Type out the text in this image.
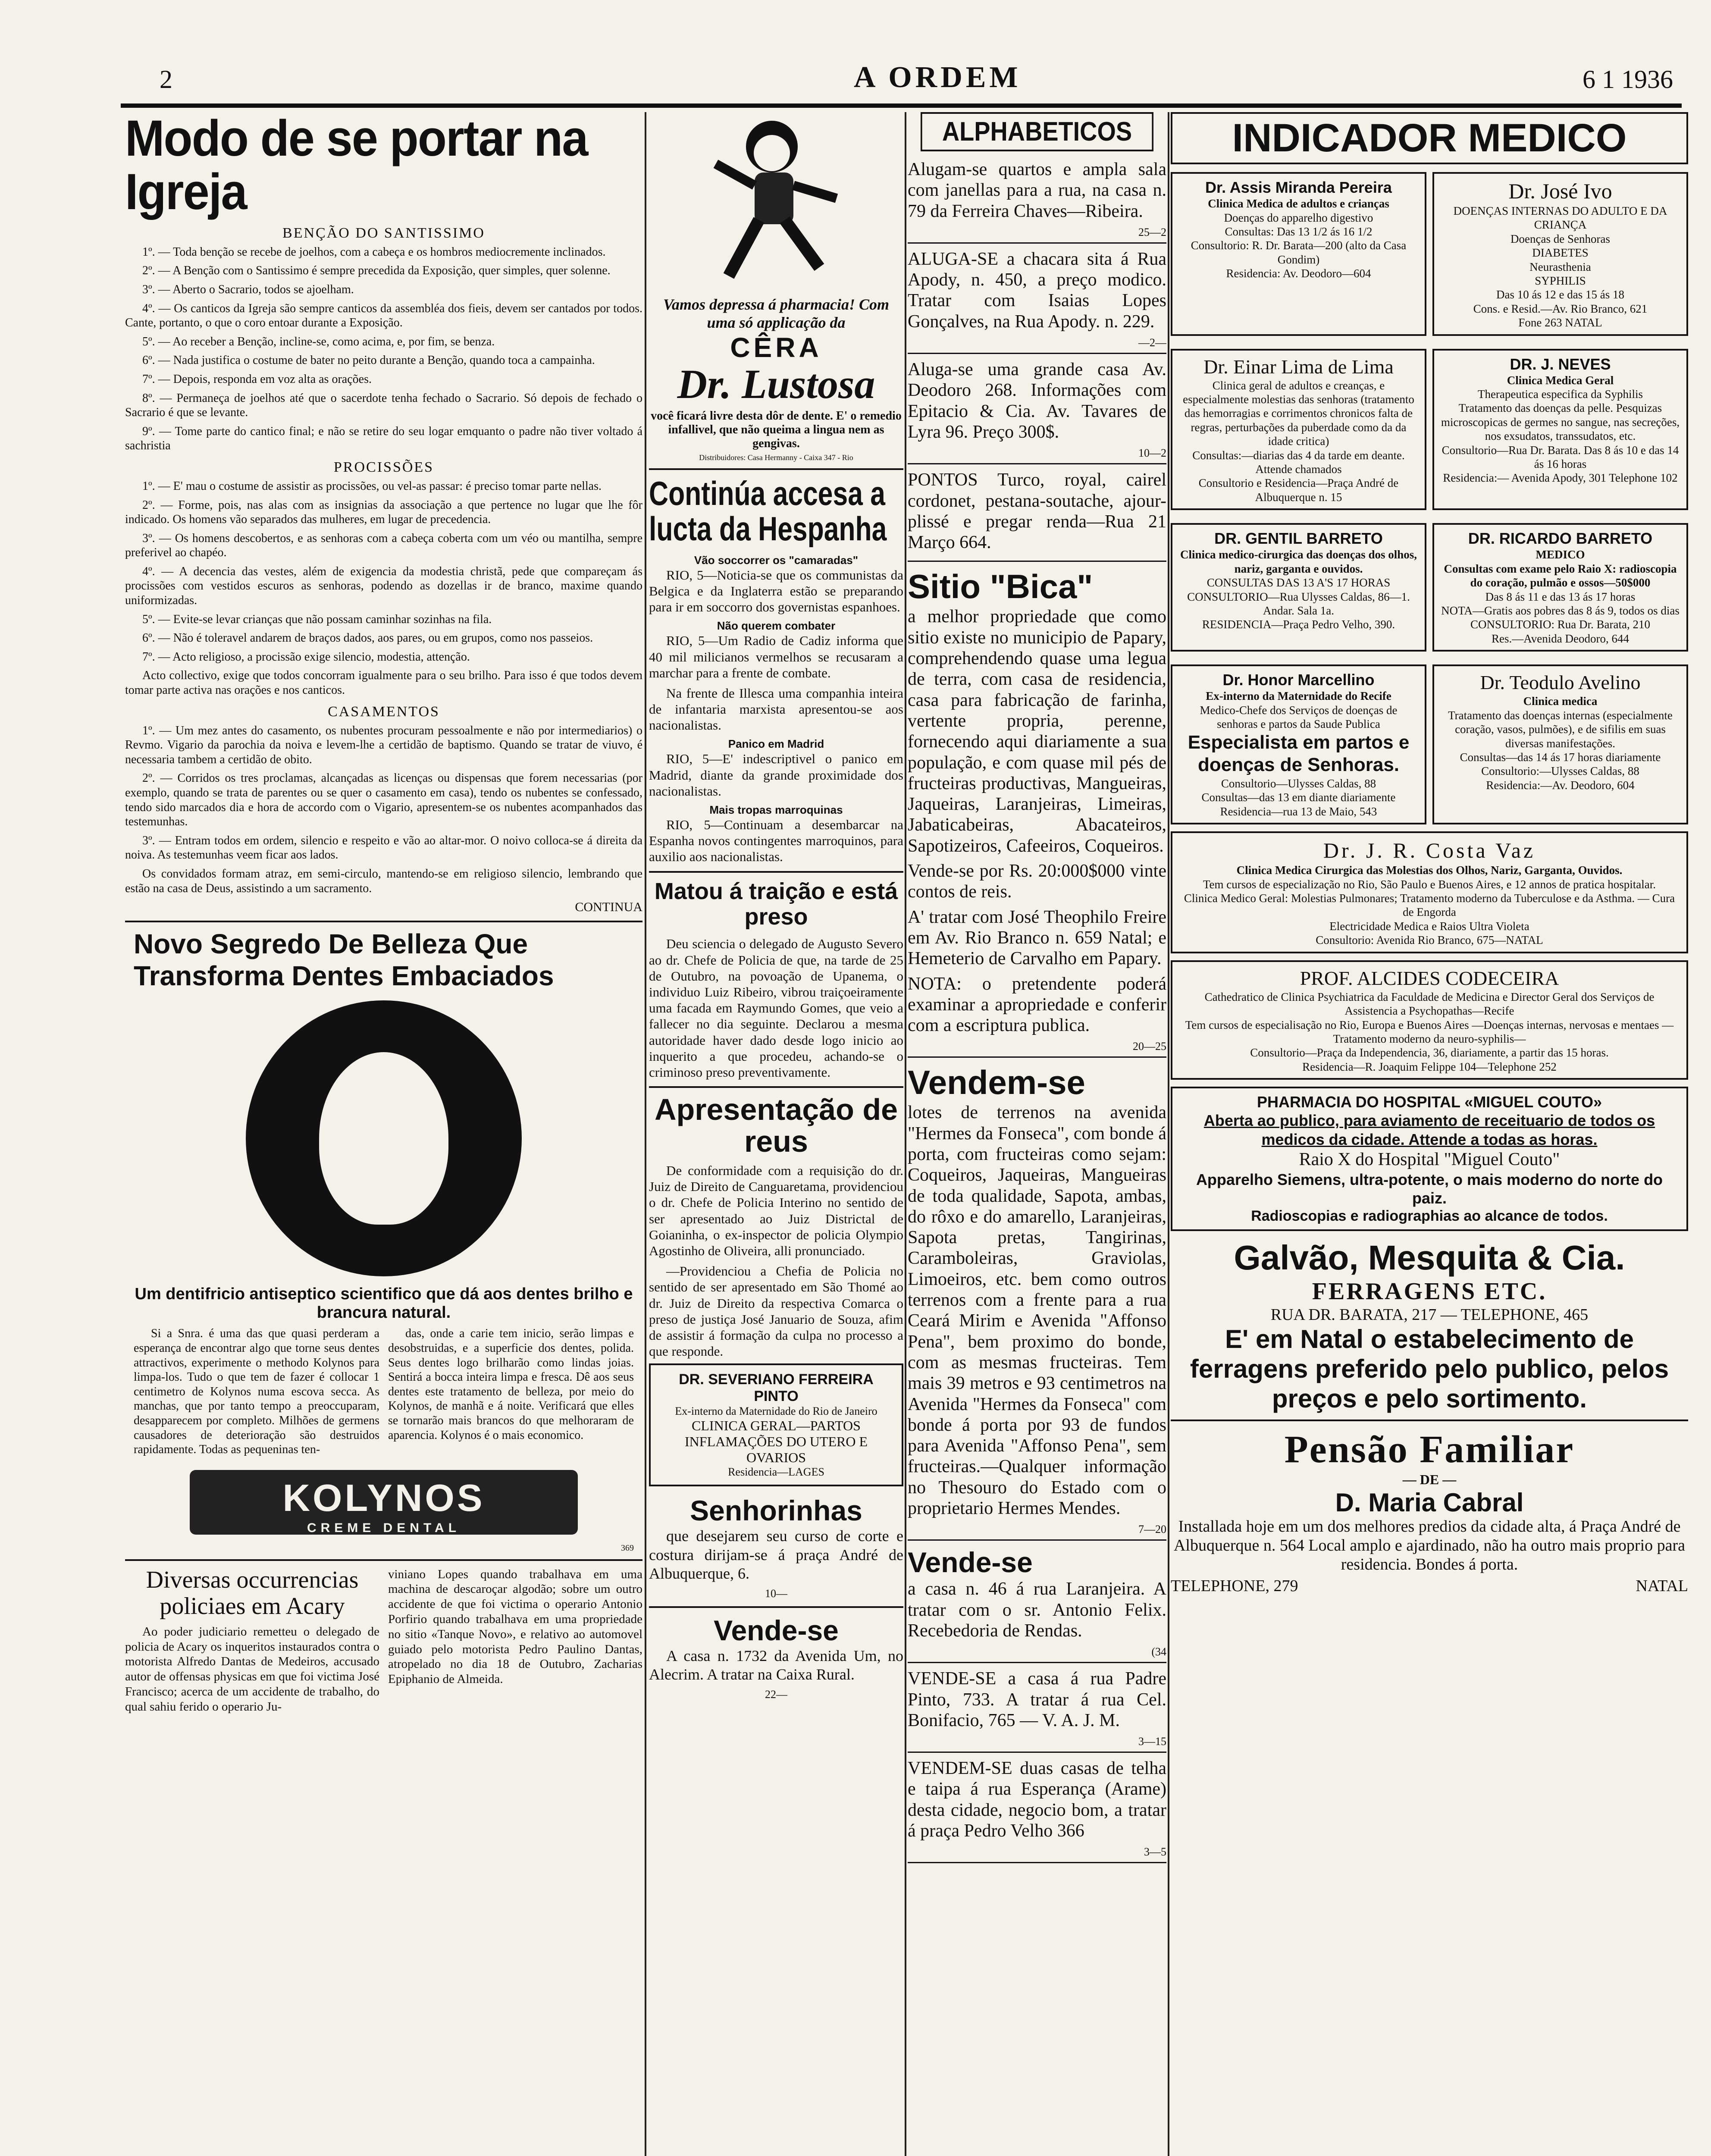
2	A ORDEM	6 1 1936
Modo de se portar na Igreja
BENÇÃO DO SANTISSIMO

1º. — Toda benção se recebe de joelhos, com a cabeça e os hombros mediocremente inclinados.

2º. — A Benção com o Santissimo é sempre precedida da Exposição, quer simples, quer solenne.

3º. — Aberto o Sacrario, todos se ajoelham.

4º. — Os canticos da Igreja são sempre canticos da assembléa dos fieis, devem ser cantados por todos. Cante, portanto, o que o coro entoar durante a Exposição.

5º. — Ao receber a Benção, incline-se, como acima, e, por fim, se benza.

6º. — Nada justifica o costume de bater no peito durante a Benção, quando toca a campainha.

7º. — Depois, responda em voz alta as orações.

8º. — Permaneça de joelhos até que o sacerdote tenha fechado o Sacrario. Só depois de fechado o Sacrario é que se levante.

9º. — Tome parte do cantico final; e não se retire do seu logar emquanto o padre não tiver voltado á sachristia

PROCISSÕES

1º. — E' mau o costume de assistir as procissões, ou vel-as passar: é preciso tomar parte nellas.

2º. — Forme, pois, nas alas com as insignias da associação a que pertence no lugar que lhe fôr indicado. Os homens vão separados das mulheres, em lugar de precedencia.

3º. — Os homens descobertos, e as senhoras com a cabeça coberta com um véo ou mantilha, sempre preferivel ao chapéo.

4º. — A decencia das vestes, além de exigencia da modestia christã, pede que compareçam ás procissões com vestidos escuros as senhoras, podendo as dozellas ir de branco, maxime quando uniformizadas.

5º. — Evite-se levar crianças que não possam caminhar sozinhas na fila.

6º. — Não é toleravel andarem de braços dados, aos pares, ou em grupos, como nos passeios.

7º. — Acto religioso, a procissão exige silencio, modestia, attenção.

Acto collectivo, exige que todos concorram igualmente para o seu brilho. Para isso é que todos devem tomar parte activa nas orações e nos canticos.

CASAMENTOS

1º. — Um mez antes do casamento, os nubentes procuram pessoalmente e não por intermediarios) o Revmo. Vigario da parochia da noiva e levem-lhe a certidão de baptismo. Quando se tratar de viuvo, é necessaria tambem a certidão de obito.

2º. — Corridos os tres proclamas, alcançadas as licenças ou dispensas que forem necessarias (por exemplo, quando se trata de parentes ou se quer o casamento em casa), tendo os nubentes se confessado, tendo sido marcados dia e hora de accordo com o Vigario, apresentem-se os nubentes acompanhados das testemunhas.

3º. — Entram todos em ordem, silencio e respeito e vão ao altar-mor. O noivo colloca-se á direita da noiva. As testemunhas veem ficar aos lados.

Os convidados formam atraz, em semi-circulo, mantendo-se em religioso silencio, lembrando que estão na casa de Deus, assistindo a um sacramento.

CONTINUA
Novo Segredo De Belleza Que Transforma Dentes Embaciados
Um dentifricio antiseptico scientifico que dá aos dentes brilho e brancura natural.

Si a Snra. é uma das que quasi perderam a esperança de encontrar algo que torne seus dentes attractivos, experimente o methodo Kolynos para limpa-los. Tudo o que tem de fazer é collocar 1 centimetro de Kolynos numa escova secca. As manchas, que por tanto tempo a preoccuparam, desapparecem por completo. Milhões de germens causadores de deterioração são destruidos rapidamente. Todas as pequeninas ten-

das, onde a carie tem inicio, serão limpas e desobstruidas, e a superficie dos dentes, polida. Seus dentes logo brilharão como lindas joias. Sentirá a bocca inteira limpa e fresca. Dê aos seus dentes este tratamento de belleza, por meio do Kolynos, de manhã e á noite. Verificará que elles se tornarão mais brancos do que melhoraram de aparencia. Kolynos é o mais economico.

KOLYNOS
CREME DENTAL
369
Diversas occurrencias policiaes em Acary

Ao poder judiciario remetteu o delegado de policia de Acary os inqueritos instaurados contra o motorista Alfredo Dantas de Medeiros, accusado autor de offensas physicas em que foi victima José Francisco; acerca de um accidente de trabalho, do qual sahiu ferido o operario Ju-

viniano Lopes quando trabalhava em uma machina de descaroçar algodão; sobre um outro accidente de que foi victima o operario Antonio Porfirio quando trabalhava em uma propriedade no sitio «Tanque Novo», e relativo ao automovel guiado pelo motorista Pedro Paulino Dantas, atropelado no dia 18 de Outubro, Zacharias Epiphanio de Almeida.

Vamos depressa á pharmacia! Com uma só applicação da
CÊRA
Dr. Lustosa
você ficará livre desta dôr de dente. E' o remedio infallivel, que não queima a lingua nem as gengivas.
Distribuidores: Casa Hermanny - Caixa 347 - Rio
Continúa accesa a lucta da Hespanha
Vão soccorrer os "camaradas"

RIO, 5—Noticia-se que os communistas da Belgica e da Inglaterra estão se preparando para ir em soccorro dos governistas espanhoes.

Não querem combater

RIO, 5—Um Radio de Cadiz informa que 40 mil milicianos vermelhos se recusaram a marchar para a frente de combate.

Na frente de Illesca uma companhia inteira de infantaria marxista apresentou-se aos nacionalistas.

Panico em Madrid

RIO, 5—E' indescriptivel o panico em Madrid, diante da grande proximidade dos nacionalistas.

Mais tropas marroquinas

RIO, 5—Continuam a desembarcar na Espanha novos contingentes marroquinos, para auxilio aos nacionalistas.

Matou á traição e está preso

Deu sciencia o delegado de Augusto Severo ao dr. Chefe de Policia de que, na tarde de 25 de Outubro, na povoação de Upanema, o individuo Luiz Ribeiro, vibrou traiçoeiramente uma facada em Raymundo Gomes, que veio a fallecer no dia seguinte. Declarou a mesma autoridade haver dado desde logo inicio ao inquerito a que procedeu, achando-se o criminoso preso preventivamente.

Apresentação de reus

De conformidade com a requisição do dr. Juiz de Direito de Canguaretama, providenciou o dr. Chefe de Policia Interino no sentido de ser apresentado ao Juiz Districtal de Goianinha, o ex-inspector de policia Olympio Agostinho de Oliveira, alli pronunciado.

—Providenciou a Chefia de Policia no sentido de ser apresentado em São Thomé ao dr. Juiz de Direito da respectiva Comarca o preso de justiça José Januario de Souza, afim de assistir á formação da culpa no processo a que responde.

DR. SEVERIANO FERREIRA PINTO
Ex-interno da Maternidade do Rio de Janeiro
CLINICA GERAL—PARTOS INFLAMAÇÕES DO UTERO E OVARIOS
Residencia—LAGES
Senhorinhas

que desejarem seu curso de corte e costura dirijam-se á praça André de Albuquerque, 6.

10—
Vende-se

A casa n. 1732 da Avenida Um, no Alecrim. A tratar na Caixa Rural.

22—
ALPHABETICOS

Alugam-se quartos e ampla sala com janellas para a rua, na casa n. 79 da Ferreira Chaves—Ribeira.

25—2

ALUGA-SE a chacara sita á Rua Apody, n. 450, a preço modico. Tratar com Isaias Lopes Gonçalves, na Rua Apody. n. 229.

—2—

Aluga-se uma grande casa Av. Deodoro 268. Informações com Epitacio & Cia. Av. Tavares de Lyra 96. Preço 300$.

10—2

PONTOS Turco, royal, cairel cordonet, pestana-soutache, ajour-plissé e pregar renda—Rua 21 Março 664.

Sitio "Bica"

a melhor propriedade que como sitio existe no municipio de Papary, comprehendendo quase uma legua de terra, com casa de residencia, casa para fabricação de farinha, vertente propria, perenne, fornecendo aqui diariamente a sua população, e com quase mil pés de fructeiras productivas, Mangueiras, Jaqueiras, Laranjeiras, Limeiras, Jabaticabeiras, Abacateiros, Sapotizeiros, Cafeeiros, Coqueiros.

Vende-se por Rs. 20:000$000 vinte contos de reis.

A' tratar com José Theophilo Freire em Av. Rio Branco n. 659 Natal; e Hemeterio de Carvalho em Papary.

NOTA: o pretendente poderá examinar a apropriedade e conferir com a escriptura publica.

20—25
Vendem-se

lotes de terrenos na avenida "Hermes da Fonseca", com bonde á porta, com fructeiras como sejam: Coqueiros, Jaqueiras, Mangueiras de toda qualidade, Sapota, ambas, do rôxo e do amarello, Laranjeiras, Sapota pretas, Tangirinas, Caramboleiras, Graviolas, Limoeiros, etc. bem como outros terrenos com a frente para a rua Ceará Mirim e Avenida "Affonso Pena", bem proximo do bonde, com as mesmas fructeiras. Tem mais 39 metros e 93 centimetros na Avenida "Hermes da Fonseca" com bonde á porta por 93 de fundos para Avenida "Affonso Pena", sem fructeiras.—Qualquer informação no Thesouro do Estado com o proprietario Hermes Mendes.

7—20
Vende-se

a casa n. 46 á rua Laranjeira. A tratar com o sr. Antonio Felix. Recebedoria de Rendas.

(34

VENDE-SE a casa á rua Padre Pinto, 733. A tratar á rua Cel. Bonifacio, 765 — V. A. J. M.

3—15

VENDEM-SE duas casas de telha e taipa á rua Esperança (Arame) desta cidade, negocio bom, a tratar á praça Pedro Velho 366

3—5
INDICADOR MEDICO
Dr. Assis Miranda Pereira
Clinica Medica de adultos e crianças
Doenças do apparelho digestivo
Consultas: Das 13 1/2 ás 16 1/2
Consultorio: R. Dr. Barata—200 (alto da Casa Gondim)
Residencia: Av. Deodoro—604
Dr. José Ivo
DOENÇAS INTERNAS DO ADULTO E DA CRIANÇA
Doenças de Senhoras
DIABETES
Neurasthenia
SYPHILIS
Das 10 ás 12 e das 15 ás 18
Cons. e Resid.—Av. Rio Branco, 621
Fone 263 NATAL
Dr. Einar Lima de Lima
Clinica geral de adultos e creanças, e especialmente molestias das senhoras (tratamento das hemorragias e corrimentos chronicos falta de regras, perturbações da puberdade como da da idade critica)
Consultas:—diarias das 4 da tarde em deante.
Attende chamados
Consultorio e Residencia—Praça André de Albuquerque n. 15
DR. J. NEVES
Clinica Medica Geral
Therapeutica especifica da Syphilis
Tratamento das doenças da pelle. Pesquizas microscopicas de germes no sangue, nas secreções, nos exsudatos, transsudatos, etc.
Consultorio—Rua Dr. Barata. Das 8 ás 10 e das 14 ás 16 horas
Residencia:— Avenida Apody, 301 Telephone 102
DR. GENTIL BARRETO
Clinica medico-cirurgica das doenças dos olhos, nariz, garganta e ouvidos.
CONSULTAS DAS 13 A'S 17 HORAS
CONSULTORIO—Rua Ulysses Caldas, 86—1. Andar. Sala 1a.
RESIDENCIA—Praça Pedro Velho, 390.
DR. RICARDO BARRETO
MEDICO
Consultas com exame pelo Raio X: radioscopia do coração, pulmão e ossos—50$000
Das 8 ás 11 e das 13 ás 17 horas
NOTA—Gratis aos pobres das 8 ás 9, todos os dias
CONSULTORIO: Rua Dr. Barata, 210
Res.—Avenida Deodoro, 644
Dr. Honor Marcellino
Ex-interno da Maternidade do Recife
Medico-Chefe dos Serviços de doenças de senhoras e partos da Saude Publica
Especialista em partos e doenças de Senhoras.
Consultorio—Ulysses Caldas, 88
Consultas—das 13 em diante diariamente
Residencia—rua 13 de Maio, 543
Dr. Teodulo Avelino
Clinica medica
Tratamento das doenças internas (especialmente coração, vasos, pulmões), e de sifilis em suas diversas manifestações.
Consultas—das 14 ás 17 horas diariamente
Consultorio:—Ulysses Caldas, 88
Residencia:—Av. Deodoro, 604
Dr. J. R. Costa Vaz
Clinica Medica Cirurgica das Molestias dos Olhos, Nariz, Garganta, Ouvidos.
Tem cursos de especialização no Rio, São Paulo e Buenos Aires, e 12 annos de pratica hospitalar.
Clinica Medico Geral: Molestias Pulmonares; Tratamento moderno da Tuberculose e da Asthma. — Cura de Engorda
Electricidade Medica e Raios Ultra Violeta
Consultorio: Avenida Rio Branco, 675—NATAL
PROF. ALCIDES CODECEIRA
Cathedratico de Clinica Psychiatrica da Faculdade de Medicina e Director Geral dos Serviços de Assistencia a Psychopathas—Recife
Tem cursos de especialisação no Rio, Europa e Buenos Aires —Doenças internas, nervosas e mentaes —Tratamento moderno da neuro-syphilis—
Consultorio—Praça da Independencia, 36, diariamente, a partir das 15 horas.
Residencia—R. Joaquim Felippe 104—Telephone 252
PHARMACIA DO HOSPITAL «MIGUEL COUTO»
Aberta ao publico, para aviamento de receituario de todos os medicos da cidade. Attende a todas as horas.
Raio X do Hospital "Miguel Couto"
Apparelho Siemens, ultra-potente, o mais moderno do norte do paiz.
Radioscopias e radiographias ao alcance de todos.
Galvão, Mesquita & Cia.
FERRAGENS ETC.
RUA DR. BARATA, 217 — TELEPHONE, 465
E' em Natal o estabelecimento de ferragens preferido pelo publico, pelos preços e pelo sortimento.
Pensão Familiar
— DE —
D. Maria Cabral
Installada hoje em um dos melhores predios da cidade alta, á Praça André de Albuquerque n. 564 Local amplo e ajardinado, não ha outro mais proprio para residencia. Bondes á porta.
TELEPHONE, 279	NATAL
